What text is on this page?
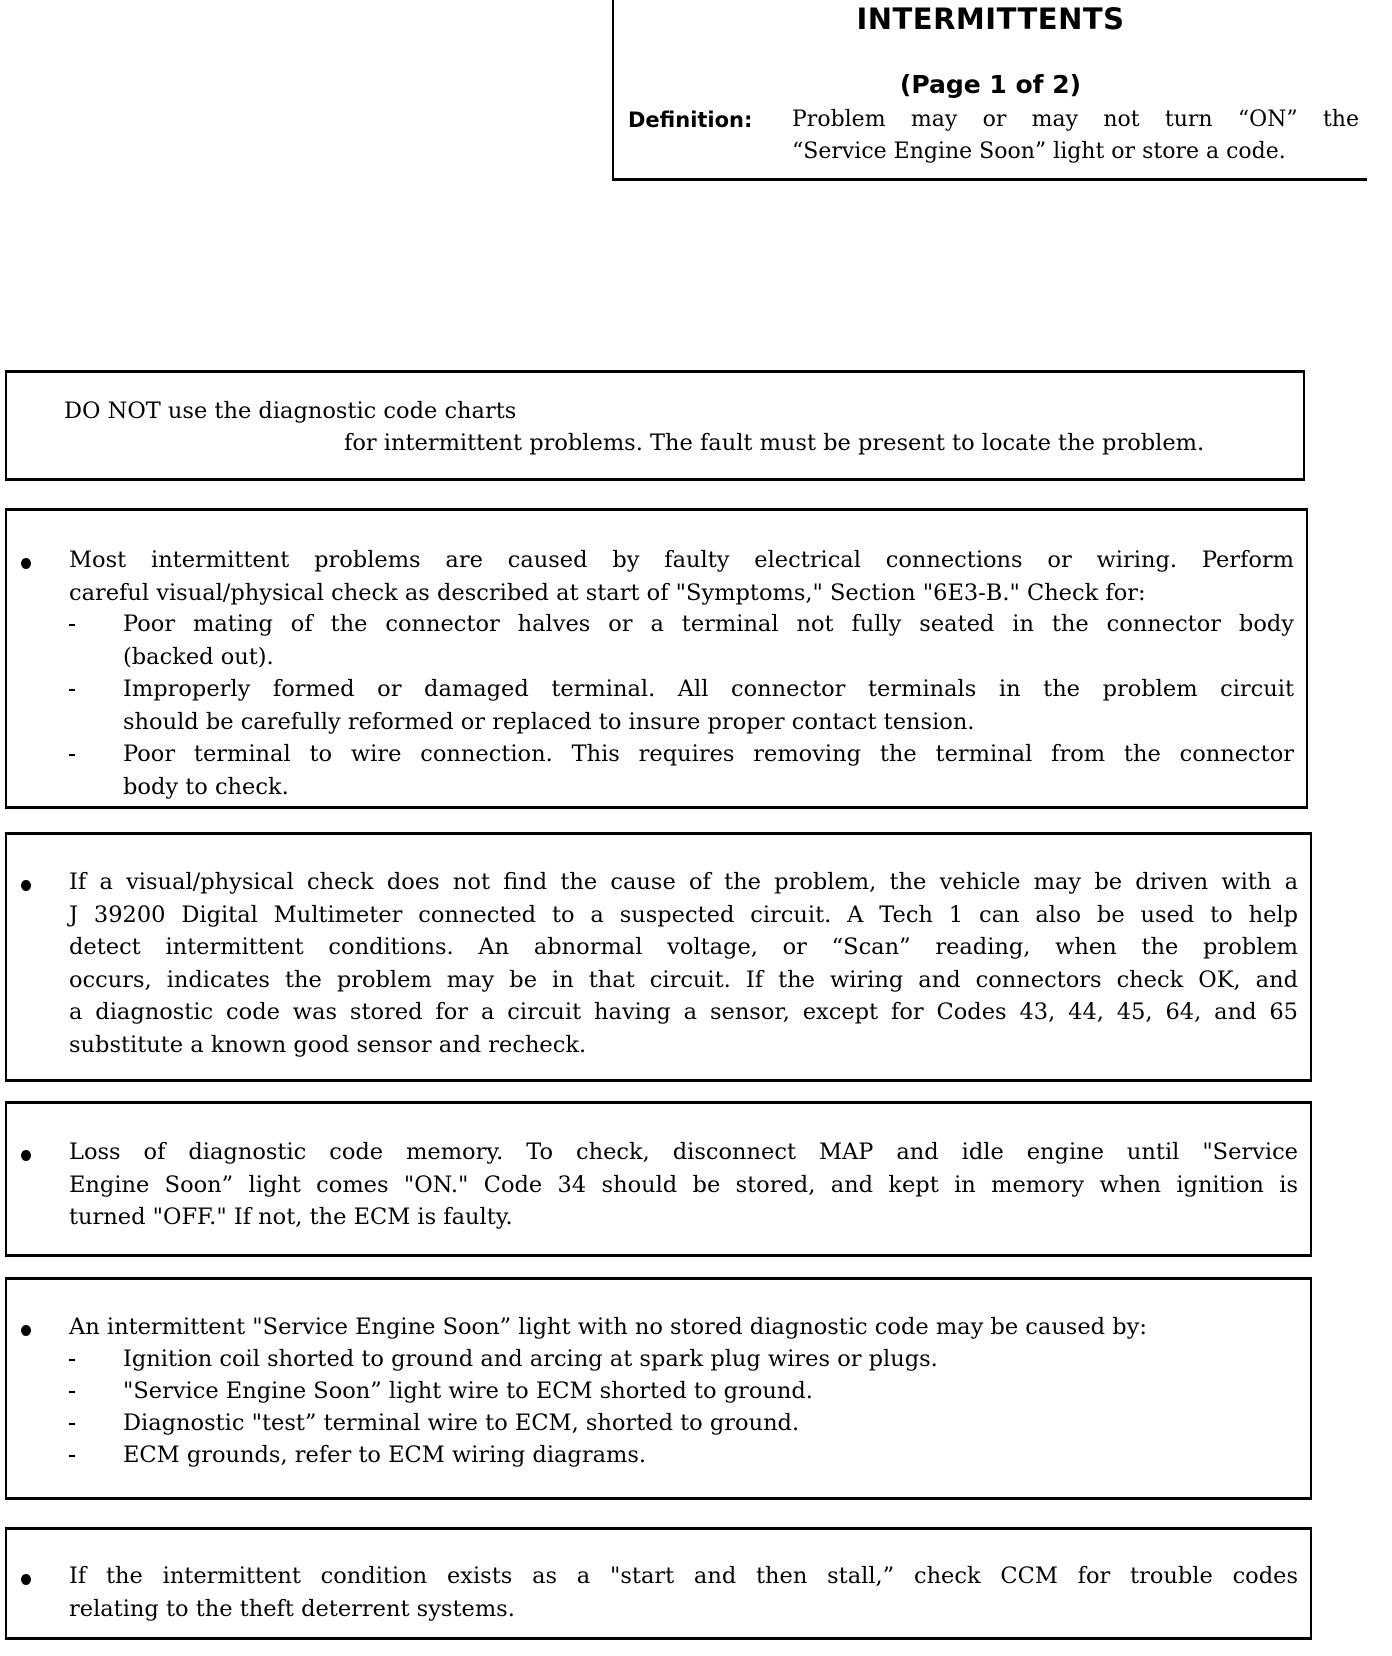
INTERMITTENTS
(Page 1 of 2)
Definition: Problem may or may not turn “ON” the
“Service Engine Soon” light or store a code.
DO NOT use the diagnostic code charts
for intermittent problems. The fault must be present to locate the problem.
Most intermittent problems are caused by faulty electrical connections or wiring. Perform
careful visual/physical check as described at start of "Symptoms," Section "6E3-B." Check for:
Poor mating of the connector halves or a terminal not fully seated in the connector body
(backed out).
Improperly formed or damaged terminal. All connector terminals in the problem circuit
should be carefully reformed or replaced to insure proper contact tension.
Poor terminal to wire connection. This requires removing the terminal from the connector
body to check.
If a visual/physical check does not find the cause of the problem, the vehicle may be driven with a
J 39200 Digital Multimeter connected to a suspected circuit. A Tech 1 can also be used to help
detect intermittent conditions. An abnormal voltage, or “Scan” reading, when the problem
occurs, indicates the problem may be in that circuit. If the wiring and connectors check OK, and
a diagnostic code was stored for a circuit having a sensor, except for Codes 43, 44, 45, 64, and 65
substitute a known good sensor and recheck.
Loss of diagnostic code memory. To check, disconnect MAP and idle engine until "Service
Engine Soon” light comes "ON." Code 34 should be stored, and kept in memory when ignition is
turned "OFF." If not, the ECM is faulty.
An intermittent "Service Engine Soon” light with no stored diagnostic code may be caused by:
Ignition coil shorted to ground and arcing at spark plug wires or plugs.
"Service Engine Soon” light wire to ECM shorted to ground.
Diagnostic "test” terminal wire to ECM, shorted to ground.
ECM grounds, refer to ECM wiring diagrams.
If the intermittent condition exists as a "start and then stall,” check CCM for trouble codes
relating to the theft deterrent systems.
